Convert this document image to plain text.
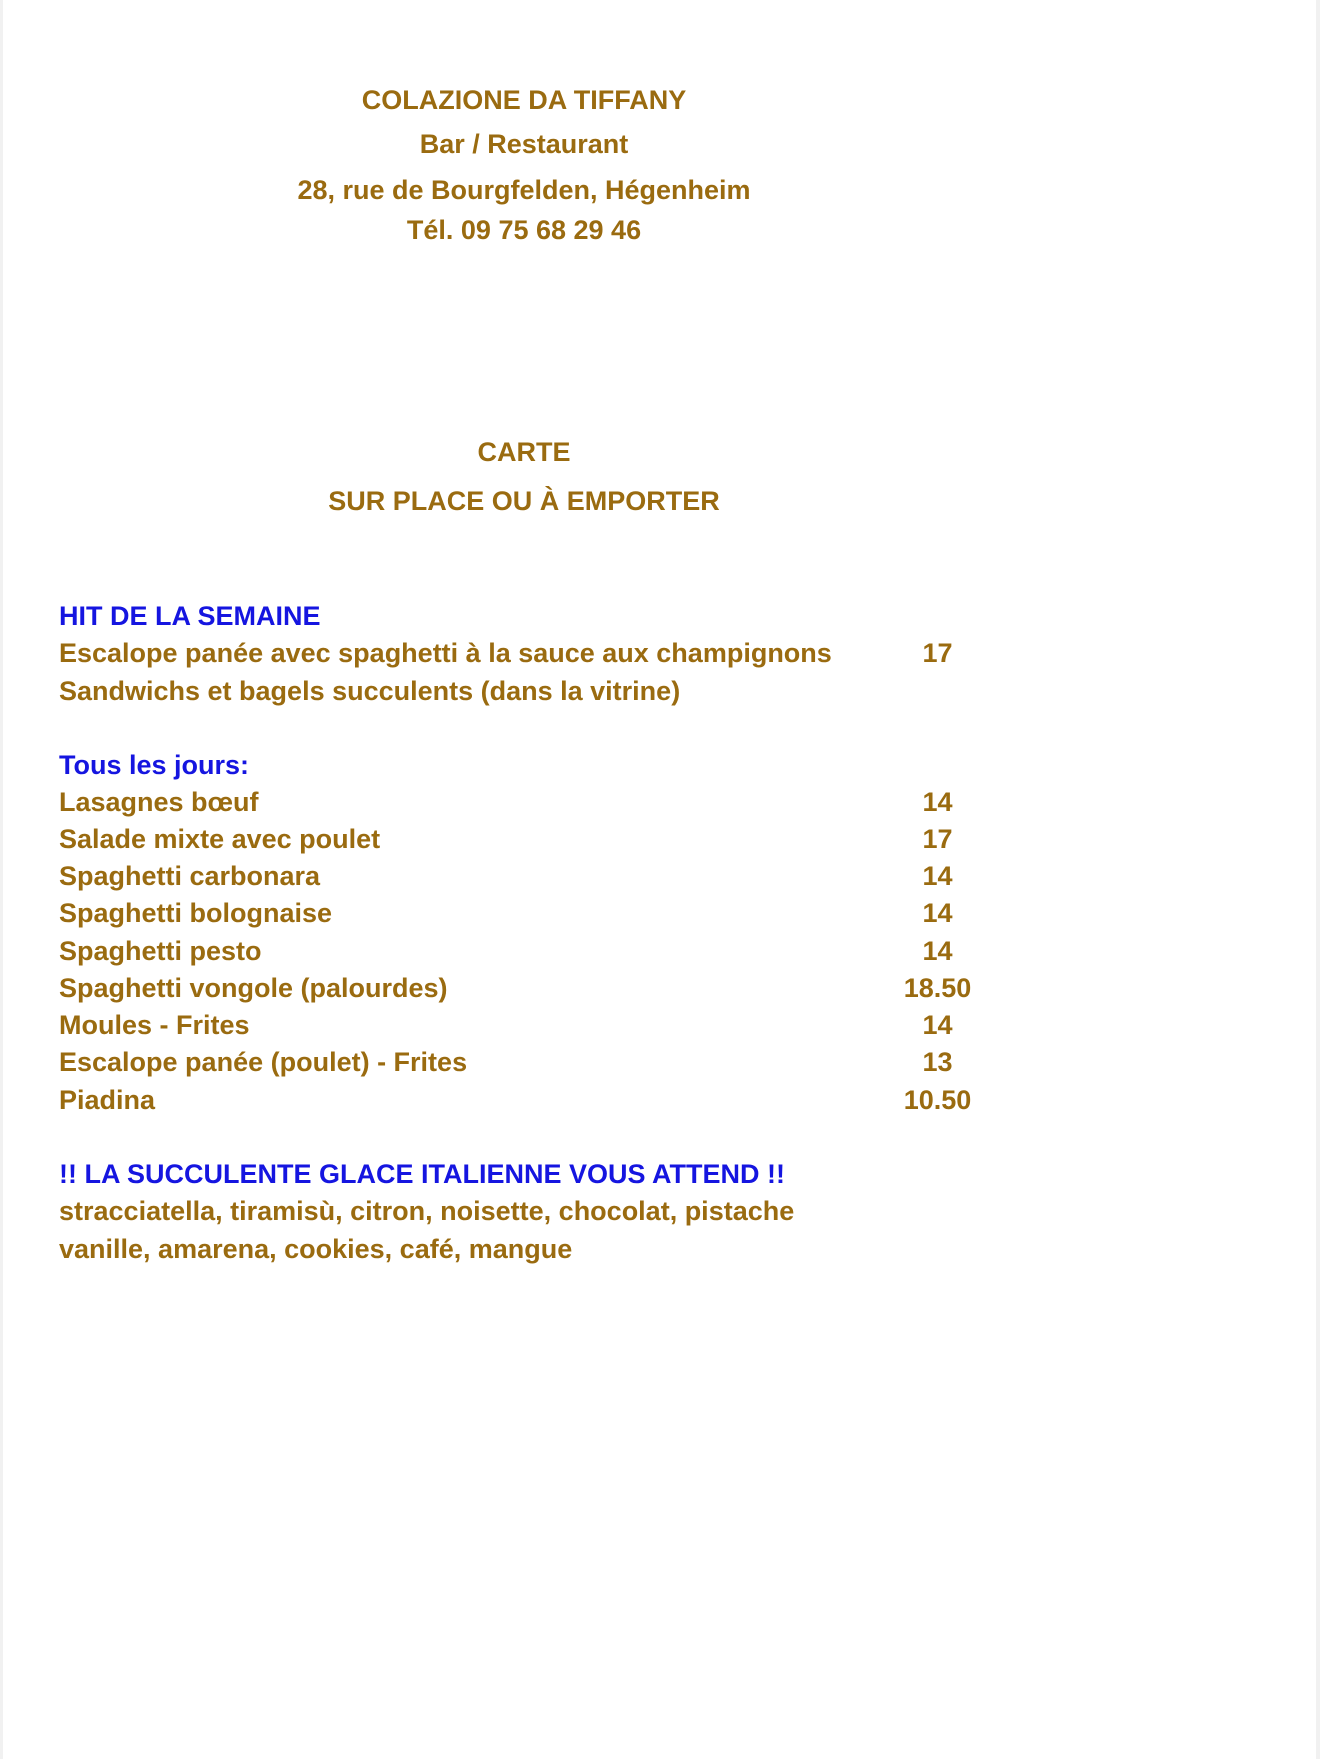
COLAZIONE DA TIFFANY
Bar / Restaurant
28, rue de Bourgfelden, Hégenheim
Tél. 09 75 68 29 46
CARTE
SUR PLACE OU À EMPORTER
HIT DE LA SEMAINE
Escalope panée avec spaghetti à la sauce aux champignons	17
Sandwichs et bagels succulents (dans la vitrine)
Tous les jours:
Lasagnes bœuf	14
Salade mixte avec poulet	17
Spaghetti carbonara	14
Spaghetti bolognaise	14
Spaghetti pesto	14
Spaghetti vongole (palourdes)	18.50
Moules - Frites	14
Escalope panée (poulet) - Frites	13
Piadina	10.50
!! LA SUCCULENTE GLACE ITALIENNE VOUS ATTEND !!
stracciatella, tiramisù, citron, noisette, chocolat, pistache
vanille, amarena, cookies, café, mangue
